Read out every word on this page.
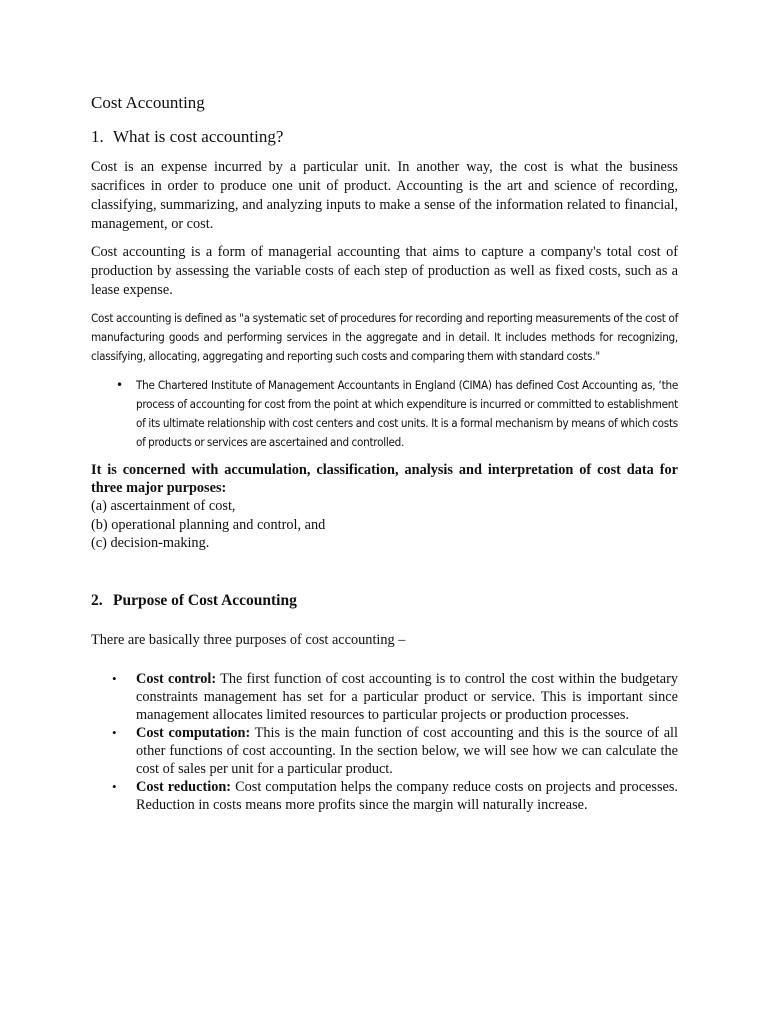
Cost Accounting
1. What is cost accounting?

Cost is an expense incurred by a particular unit. In another way, the cost is what the business sacrifices in order to produce one unit of product. Accounting is the art and science of recording, classifying, summarizing, and analyzing inputs to make a sense of the information related to financial, management, or cost.

Cost accounting is a form of managerial accounting that aims to capture a company's total cost of production by assessing the variable costs of each step of production as well as fixed costs, such as a lease expense.

Cost accounting is defined as "a systematic set of procedures for recording and reporting measurements of the cost of manufacturing goods and performing services in the aggregate and in detail. It includes methods for recognizing, classifying, allocating, aggregating and reporting such costs and comparing them with standard costs."

• The Chartered Institute of Management Accountants in England (CIMA) has defined Cost Accounting as, ‘the process of accounting for cost from the point at which expenditure is incurred or committed to establishment of its ultimate relationship with cost centers and cost units. It is a formal mechanism by means of which costs of products or services are ascertained and controlled.

It is concerned with accumulation, classification, analysis and interpretation of cost data for three major purposes:

(a) ascertainment of cost,

(b) operational planning and control, and

(c) decision-making.

2. Purpose of Cost Accounting

There are basically three purposes of cost accounting –

• Cost control: The first function of cost accounting is to control the cost within the budgetary constraints management has set for a particular product or service. This is important since management allocates limited resources to particular projects or production processes.
• Cost computation: This is the main function of cost accounting and this is the source of all other functions of cost accounting. In the section below, we will see how we can calculate the cost of sales per unit for a particular product.
• Cost reduction: Cost computation helps the company reduce costs on projects and processes. Reduction in costs means more profits since the margin will naturally increase.
